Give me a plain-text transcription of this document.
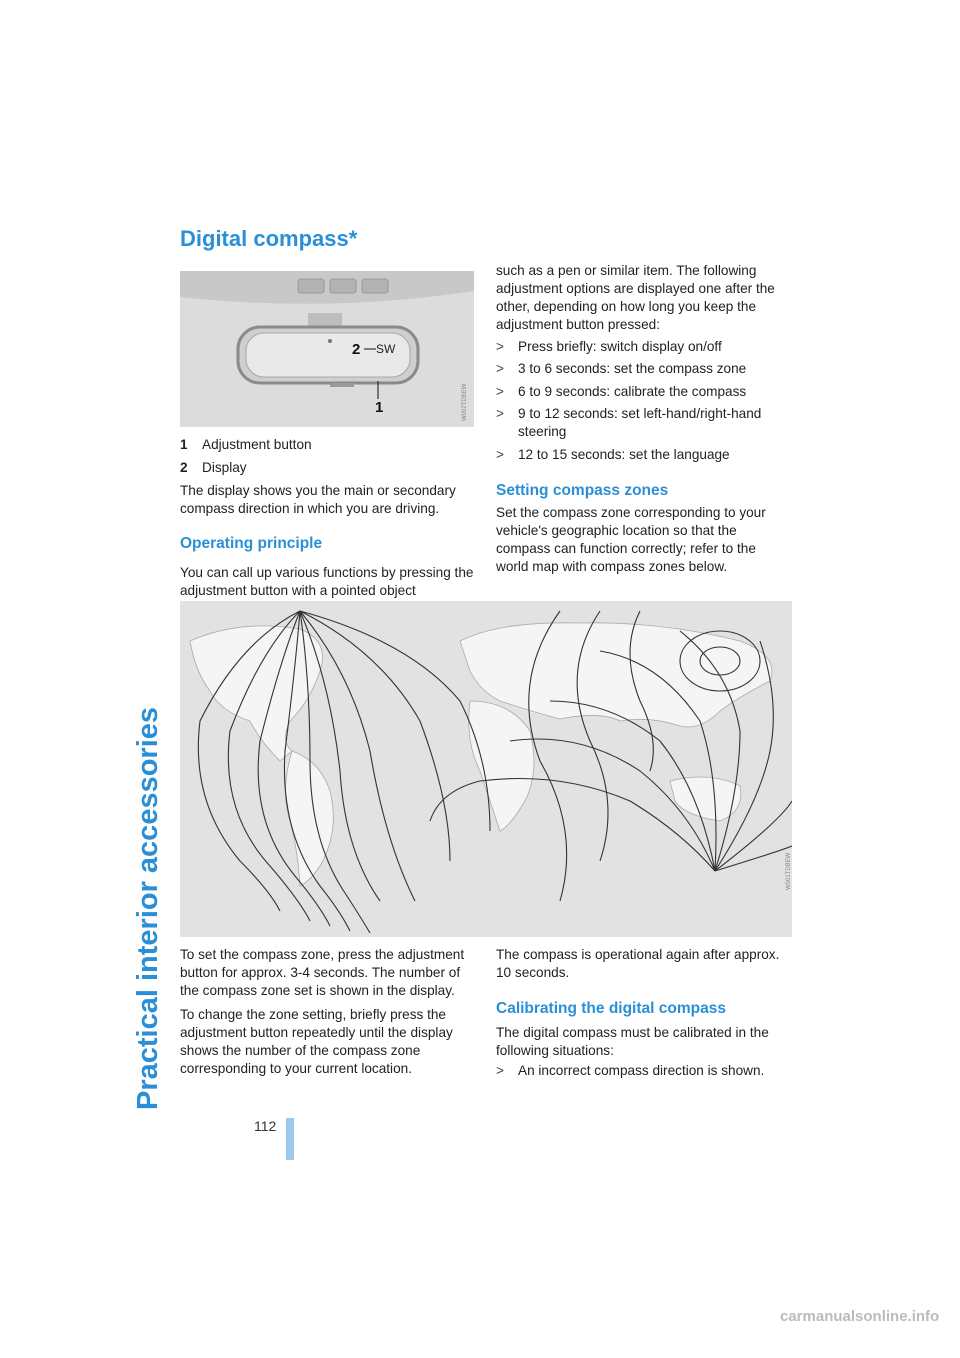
Practical interior accessories
112
Digital compass*
2 SW
1	W002TDBEW
1	Adjustment button
2	Display

The display shows you the main or secondary compass direction in which you are driving.

Operating principle

You can call up various functions by pressing the adjustment button with a pointed object

such as a pen or similar item. The following adjustment options are displayed one after the other, depending on how long you keep the adjustment button pressed:

>	Press briefly: switch display on/off
>	3 to 6 seconds: set the compass zone
>	6 to 9 seconds: calibrate the compass
>	9 to 12 seconds: set left-hand/right-hand steering
>	12 to 15 seconds: set the language
Setting compass zones

Set the compass zone corresponding to your vehicle's geographic location so that the compass can function correctly; refer to the world map with compass zones below.

W001TDBEW

To set the compass zone, press the adjustment button for approx. 3-4 seconds. The number of the compass zone set is shown in the display.

To change the zone setting, briefly press the adjustment button repeatedly until the display shows the number of the compass zone corresponding to your current location.

The compass is operational again after approx. 10 seconds.

Calibrating the digital compass

The digital compass must be calibrated in the following situations:

>	An incorrect compass direction is shown.
carmanualsonline.info
